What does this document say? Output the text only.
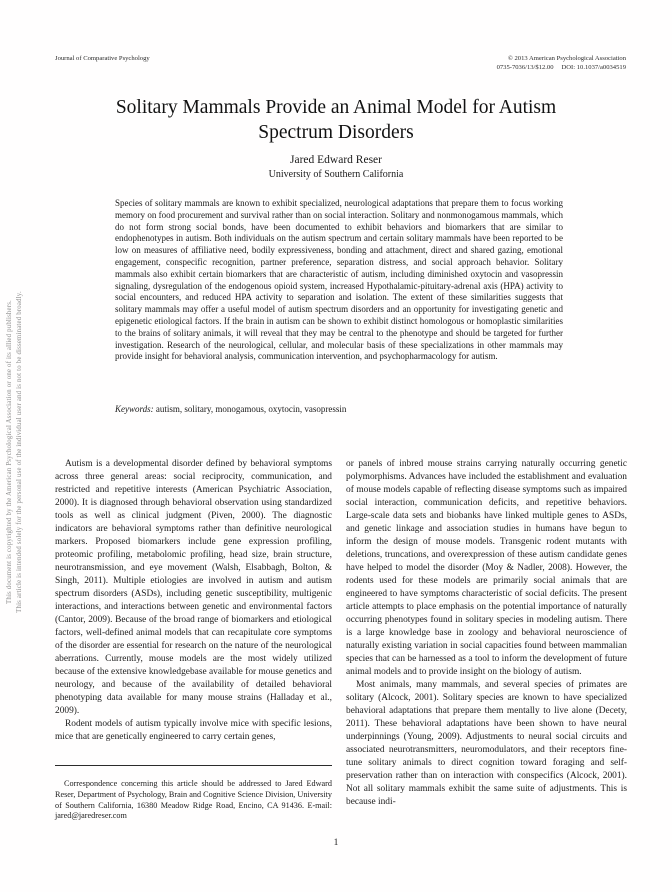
This document is copyrighted by the American Psychological Association or one of its allied publishers. This article is intended solely for the personal use of the individual user and is not to be disseminated broadly.
Journal of Comparative Psychology	© 2013 American Psychological Association
0735-7036/13/$12.00 DOI: 10.1037/a0034519
Solitary Mammals Provide an Animal Model for Autism
Spectrum Disorders
Jared Edward Reser
University of Southern California
Species of solitary mammals are known to exhibit specialized, neurological adaptations that prepare them to focus working memory on food procurement and survival rather than on social interaction. Solitary and nonmonogamous mammals, which do not form strong social bonds, have been documented to exhibit behaviors and biomarkers that are similar to endophenotypes in autism. Both individuals on the autism spectrum and certain solitary mammals have been reported to be low on measures of affiliative need, bodily expressiveness, bonding and attachment, direct and shared gazing, emotional engagement, conspecific recognition, partner preference, separation distress, and social approach behavior. Solitary mammals also exhibit certain biomarkers that are characteristic of autism, including diminished oxytocin and vasopressin signaling, dysregulation of the endogenous opioid system, increased Hypothalamic-pituitary-adrenal axis (HPA) activity to social encounters, and reduced HPA activity to separation and isolation. The extent of these similarities suggests that solitary mammals may offer a useful model of autism spectrum disorders and an opportunity for investigating genetic and epigenetic etiological factors. If the brain in autism can be shown to exhibit distinct homologous or homoplastic similarities to the brains of solitary animals, it will reveal that they may be central to the phenotype and should be targeted for further investigation. Research of the neurological, cellular, and molecular basis of these specializations in other mammals may provide insight for behavioral analysis, communication intervention, and psychopharmacology for autism.
Keywords: autism, solitary, monogamous, oxytocin, vasopressin

Autism is a developmental disorder defined by behavioral symptoms across three general areas: social reciprocity, communication, and restricted and repetitive interests (American Psychiatric Association, 2000). It is diagnosed through behavioral observation using standardized tools as well as clinical judgment (Piven, 2000). The diagnostic indicators are behavioral symptoms rather than definitive neurological markers. Proposed biomarkers include gene expression profiling, proteomic profiling, metabolomic profiling, head size, brain structure, neurotransmission, and eye movement (Walsh, Elsabbagh, Bolton, & Singh, 2011). Multiple etiologies are involved in autism and autism spectrum disorders (ASDs), including genetic susceptibility, multigenic interactions, and interactions between genetic and environmental factors (Cantor, 2009). Because of the broad range of biomarkers and etiological factors, well-defined animal models that can recapitulate core symptoms of the disorder are essential for research on the nature of the neurological aberrations. Currently, mouse models are the most widely utilized because of the extensive knowledgebase available for mouse genetics and neurology, and because of the availability of detailed behavioral phenotyping data available for many mouse strains (Halladay et al., 2009).

Rodent models of autism typically involve mice with specific lesions, mice that are genetically engineered to carry certain genes,

or panels of inbred mouse strains carrying naturally occurring genetic polymorphisms. Advances have included the establishment and evaluation of mouse models capable of reflecting disease symptoms such as impaired social interaction, communication deficits, and repetitive behaviors. Large-scale data sets and biobanks have linked multiple genes to ASDs, and genetic linkage and association studies in humans have begun to inform the design of mouse models. Transgenic rodent mutants with deletions, truncations, and overexpression of these autism candidate genes have helped to model the disorder (Moy & Nadler, 2008). However, the rodents used for these models are primarily social animals that are engineered to have symptoms characteristic of social deficits. The present article attempts to place emphasis on the potential importance of naturally occurring phenotypes found in solitary species in modeling autism. There is a large knowledge base in zoology and behavioral neuroscience of naturally existing variation in social capacities found between mammalian species that can be harnessed as a tool to inform the development of future animal models and to provide insight on the biology of autism.

Most animals, many mammals, and several species of primates are solitary (Alcock, 2001). Solitary species are known to have specialized behavioral adaptations that prepare them mentally to live alone (Decety, 2011). These behavioral adaptations have been shown to have neural underpinnings (Young, 2009). Adjustments to neural social circuits and associated neurotransmitters, neuromodulators, and their receptors fine-tune solitary animals to direct cognition toward foraging and self-preservation rather than on interaction with conspecifics (Alcock, 2001). Not all solitary mammals exhibit the same suite of adjustments. This is because indi-

Correspondence concerning this article should be addressed to Jared Edward Reser, Department of Psychology, Brain and Cognitive Science Division, University of Southern California, 16380 Meadow Ridge Road, Encino, CA 91436. E-mail: jared@jaredreser.com
1
